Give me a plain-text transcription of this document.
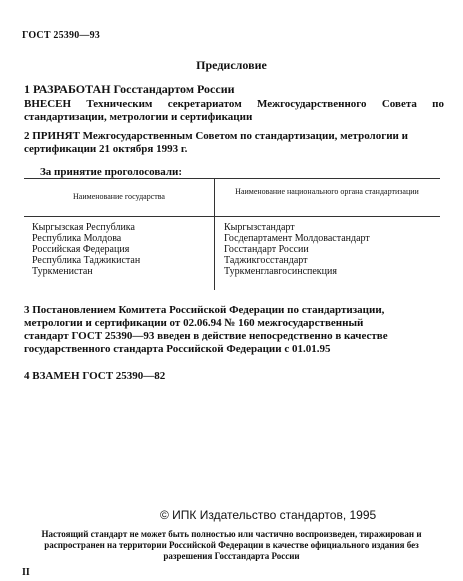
ГОСТ 25390—93
Предисловие
1 РАЗРАБОТАН Госстандартом России
ВНЕСЕН Техническим секретариатом Межгосударственного Совета по стандартизации, метрологии и сертификации
2 ПРИНЯТ Межгосударственным Советом по стандартизации, метрологии и сертификации 21 октября 1993 г.
За принятие проголосовали:
Наименование государства
Наименование национального органа стандартизации
Кыргызская Республика
Республика Молдова
Российская Федерация
Республика Таджикистан
Туркменистан
Кыргызстандарт
Госдепартамент Молдовастандарт
Госстандарт России
Таджикгосстандарт
Туркменглавгосинспекция
3 Постановлением Комитета Российской Федерации по стандартизации, метрологии и сертификации от 02.06.94 № 160 межгосударственный стандарт ГОСТ 25390—93 введен в действие непосредственно в качестве государственного стандарта Российской Федерации с 01.01.95
4 ВЗАМЕН ГОСТ 25390—82
© ИПК Издательство стандартов, 1995
Настоящий стандарт не может быть полностью или частично воспроизведен, тиражирован и распространен на территории Российской Федерации в качестве официального издания без разрешения Госстандарта России
II
